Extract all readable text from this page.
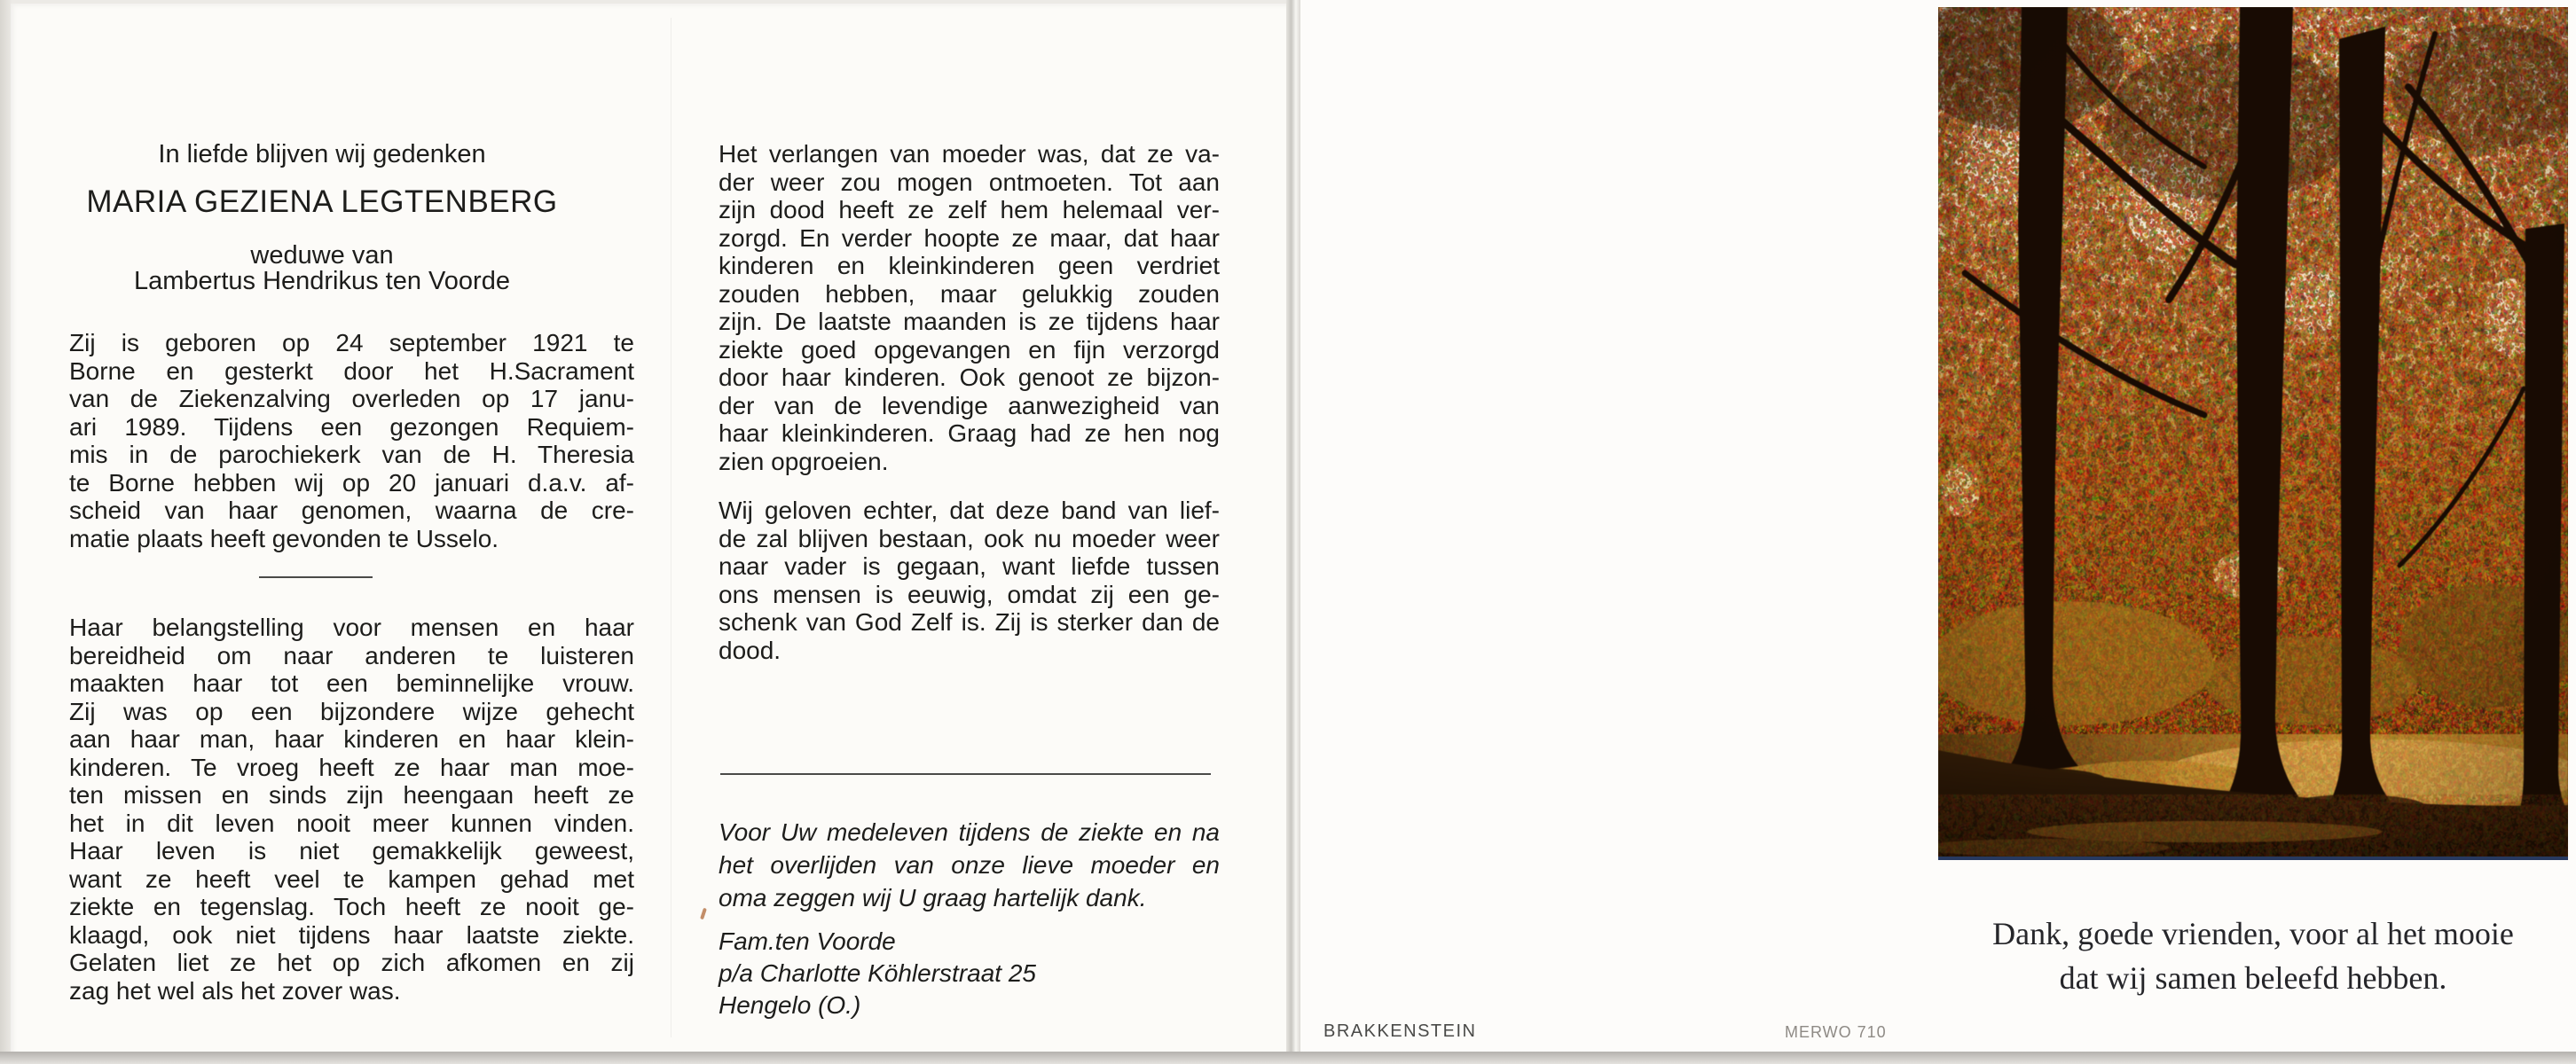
In liefde blijven wij gedenken
MARIA GEZIENA LEGTENBERG
weduwe van
Lambertus Hendrikus ten Voorde
Zij is geboren op 24 september 1921 te
Borne en gesterkt door het H.Sacrament
van de Ziekenzalving overleden op 17 janu-
ari 1989. Tijdens een gezongen Requiem-
mis in de parochiekerk van de H. Theresia
te Borne hebben wij op 20 januari d.a.v. af-
scheid van haar genomen, waarna de cre-
matie plaats heeft gevonden te Usselo.
Haar belangstelling voor mensen en haar
bereidheid om naar anderen te luisteren
maakten haar tot een beminnelijke vrouw.
Zij was op een bijzondere wijze gehecht
aan haar man, haar kinderen en haar klein-
kinderen. Te vroeg heeft ze haar man moe-
ten missen en sinds zijn heengaan heeft ze
het in dit leven nooit meer kunnen vinden.
Haar leven is niet gemakkelijk geweest,
want ze heeft veel te kampen gehad met
ziekte en tegenslag. Toch heeft ze nooit ge-
klaagd, ook niet tijdens haar laatste ziekte.
Gelaten liet ze het op zich afkomen en zij
zag het wel als het zover was.
Het verlangen van moeder was, dat ze va-
der weer zou mogen ontmoeten. Tot aan
zijn dood heeft ze zelf hem helemaal ver-
zorgd. En verder hoopte ze maar, dat haar
kinderen en kleinkinderen geen verdriet
zouden hebben, maar gelukkig zouden
zijn. De laatste maanden is ze tijdens haar
ziekte goed opgevangen en fijn verzorgd
door haar kinderen. Ook genoot ze bijzon-
der van de levendige aanwezigheid van
haar kleinkinderen. Graag had ze hen nog
zien opgroeien.
Wij geloven echter, dat deze band van lief-
de zal blijven bestaan, ook nu moeder weer
naar vader is gegaan, want liefde tussen
ons mensen is eeuwig, omdat zij een ge-
schenk van God Zelf is. Zij is sterker dan de
dood.
Voor Uw medeleven tijdens de ziekte en na
het overlijden van onze lieve moeder en
oma zeggen wij U graag hartelijk dank.
Fam.ten Voorde
p/a Charlotte Köhlerstraat 25
Hengelo (O.)
BRAKKENSTEIN	MERWO 710
Dank, goede vrienden, voor al het mooie
dat wij samen beleefd hebben.
